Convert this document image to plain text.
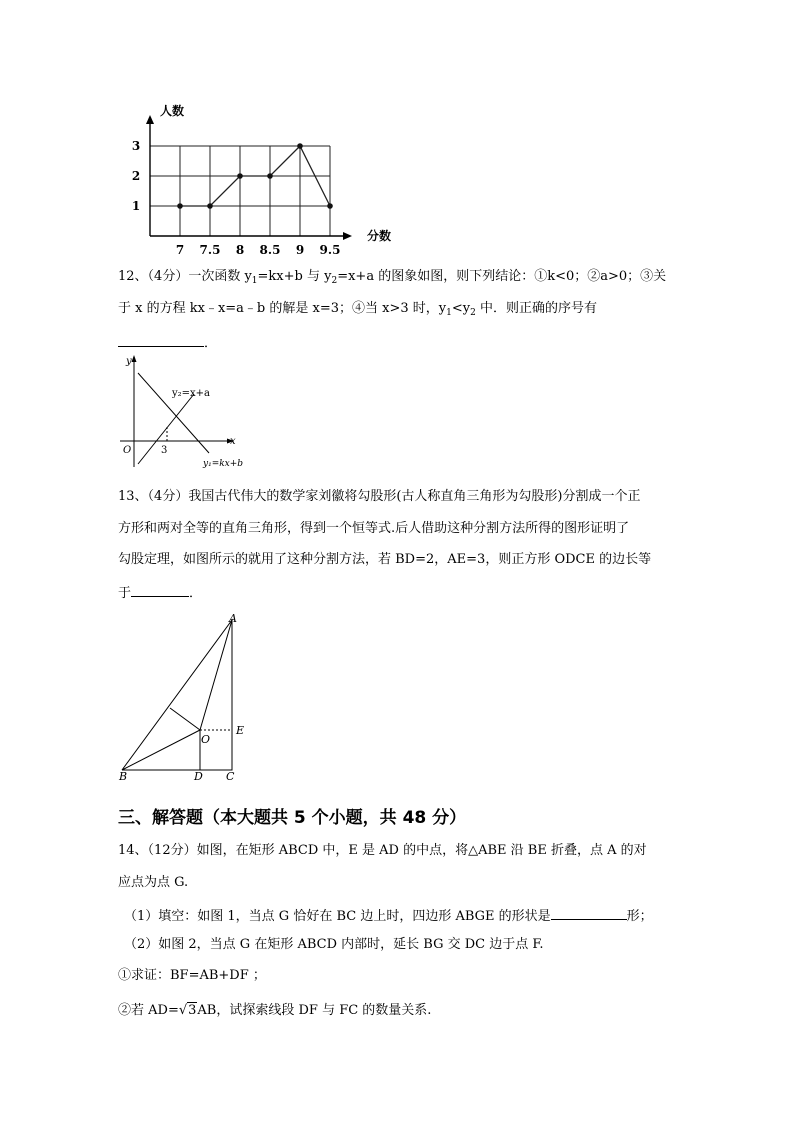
7 7.5 8 8.5 9 9.5
1
2
3
人数
分数
12、（4分）一次函数 $y_1=kx+b$ 与 $y_2=x+a$ 的图象如图，则下列结论：①k<0；②a>0；③关
于 x 的方程 kx﹣x=a﹣b 的解是 x=3；④当 x>3 时，$y_1<y_2$ 中．则正确的序号有
．
y
x
O	3
y₂=x+a
y₁=kx+b
13、（4分）我国古代伟大的数学家刘徽将勾股形(古人称直角三角形为勾股形)分割成一个正
方形和两对全等的直角三角形，得到一个恒等式.后人借助这种分割方法所得的图形证明了
勾股定理，如图所示的就用了这种分割方法，若 BD=2，AE=3，则正方形 ODCE 的边长等
于	．
A
B	C
D
E
O
三、解答题（本大题共 5 个小题，共 48 分）
14、（12分）如图，在矩形 ABCD 中，E 是 AD 的中点，将△ABE 沿 BE 折叠，点 A 的对
应点为点 G.
（1）填空：如图 1，当点 G 恰好在 BC 边上时，四边形 ABGE 的形状是	形；
（2）如图 2，当点 G 在矩形 ABCD 内部时，延长 BG 交 DC 边于点 F.
①求证：BF=AB+DF ；
②若 AD=√3AB，试探索线段 DF 与 FC 的数量关系.
